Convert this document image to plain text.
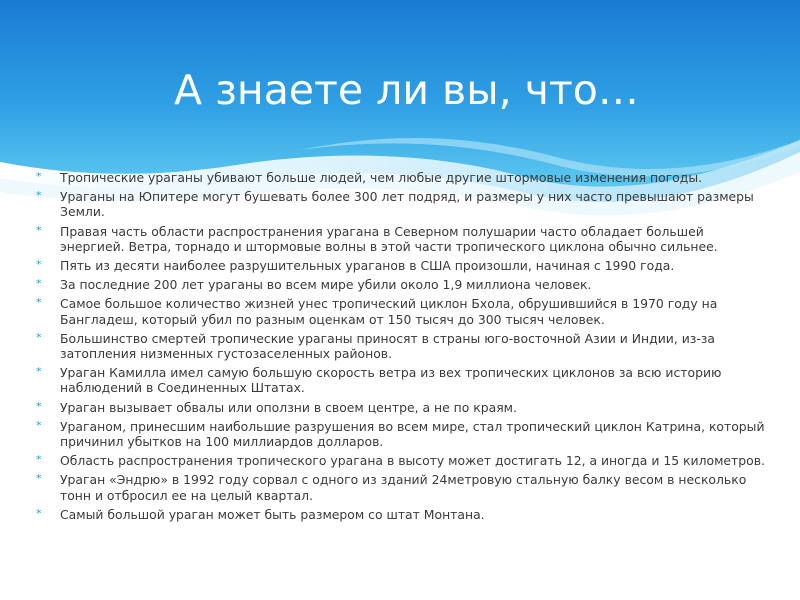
А знаете ли вы, что…
* Тропические ураганы убивают больше людей, чем любые другие штормовые изменения погоды.
* Ураганы на Юпитере могут бушевать более 300 лет подряд, и размеры у них часто превышают размеры Земли.
* Правая часть области распространения урагана в Северном полушарии часто обладает большей энергией. Ветра, торнадо и штормовые волны в этой части тропического циклона обычно сильнее.
* Пять из десяти наиболее разрушительных ураганов в США произошли, начиная с 1990 года.
* За последние 200 лет ураганы во всем мире убили около 1,9 миллиона человек.
* Самое большое количество жизней унес тропический циклон Бхола, обрушившийся в 1970 году на Бангладеш, который убил по разным оценкам от 150 тысяч до 300 тысяч человек.
* Большинство смертей тропические ураганы приносят в страны юго-восточной Азии и Индии, из-за затопления низменных густозаселенных районов.
* Ураган Камилла имел самую большую скорость ветра из вех тропических циклонов за всю историю наблюдений в Соединенных Штатах.
* Ураган вызывает обвалы или оползни в своем центре, а не по краям.
* Ураганом, принесшим наибольшие разрушения во всем мире, стал тропический циклон Катрина, который причинил убытков на 100 миллиардов долларов.
* Область распространения тропического урагана в высоту может достигать 12, а иногда и 15 километров.
* Ураган «Эндрю» в 1992 году сорвал с одного из зданий 24метровую стальную балку весом в несколько тонн и отбросил ее на целый квартал.
* Самый большой ураган может быть размером со штат Монтана.
